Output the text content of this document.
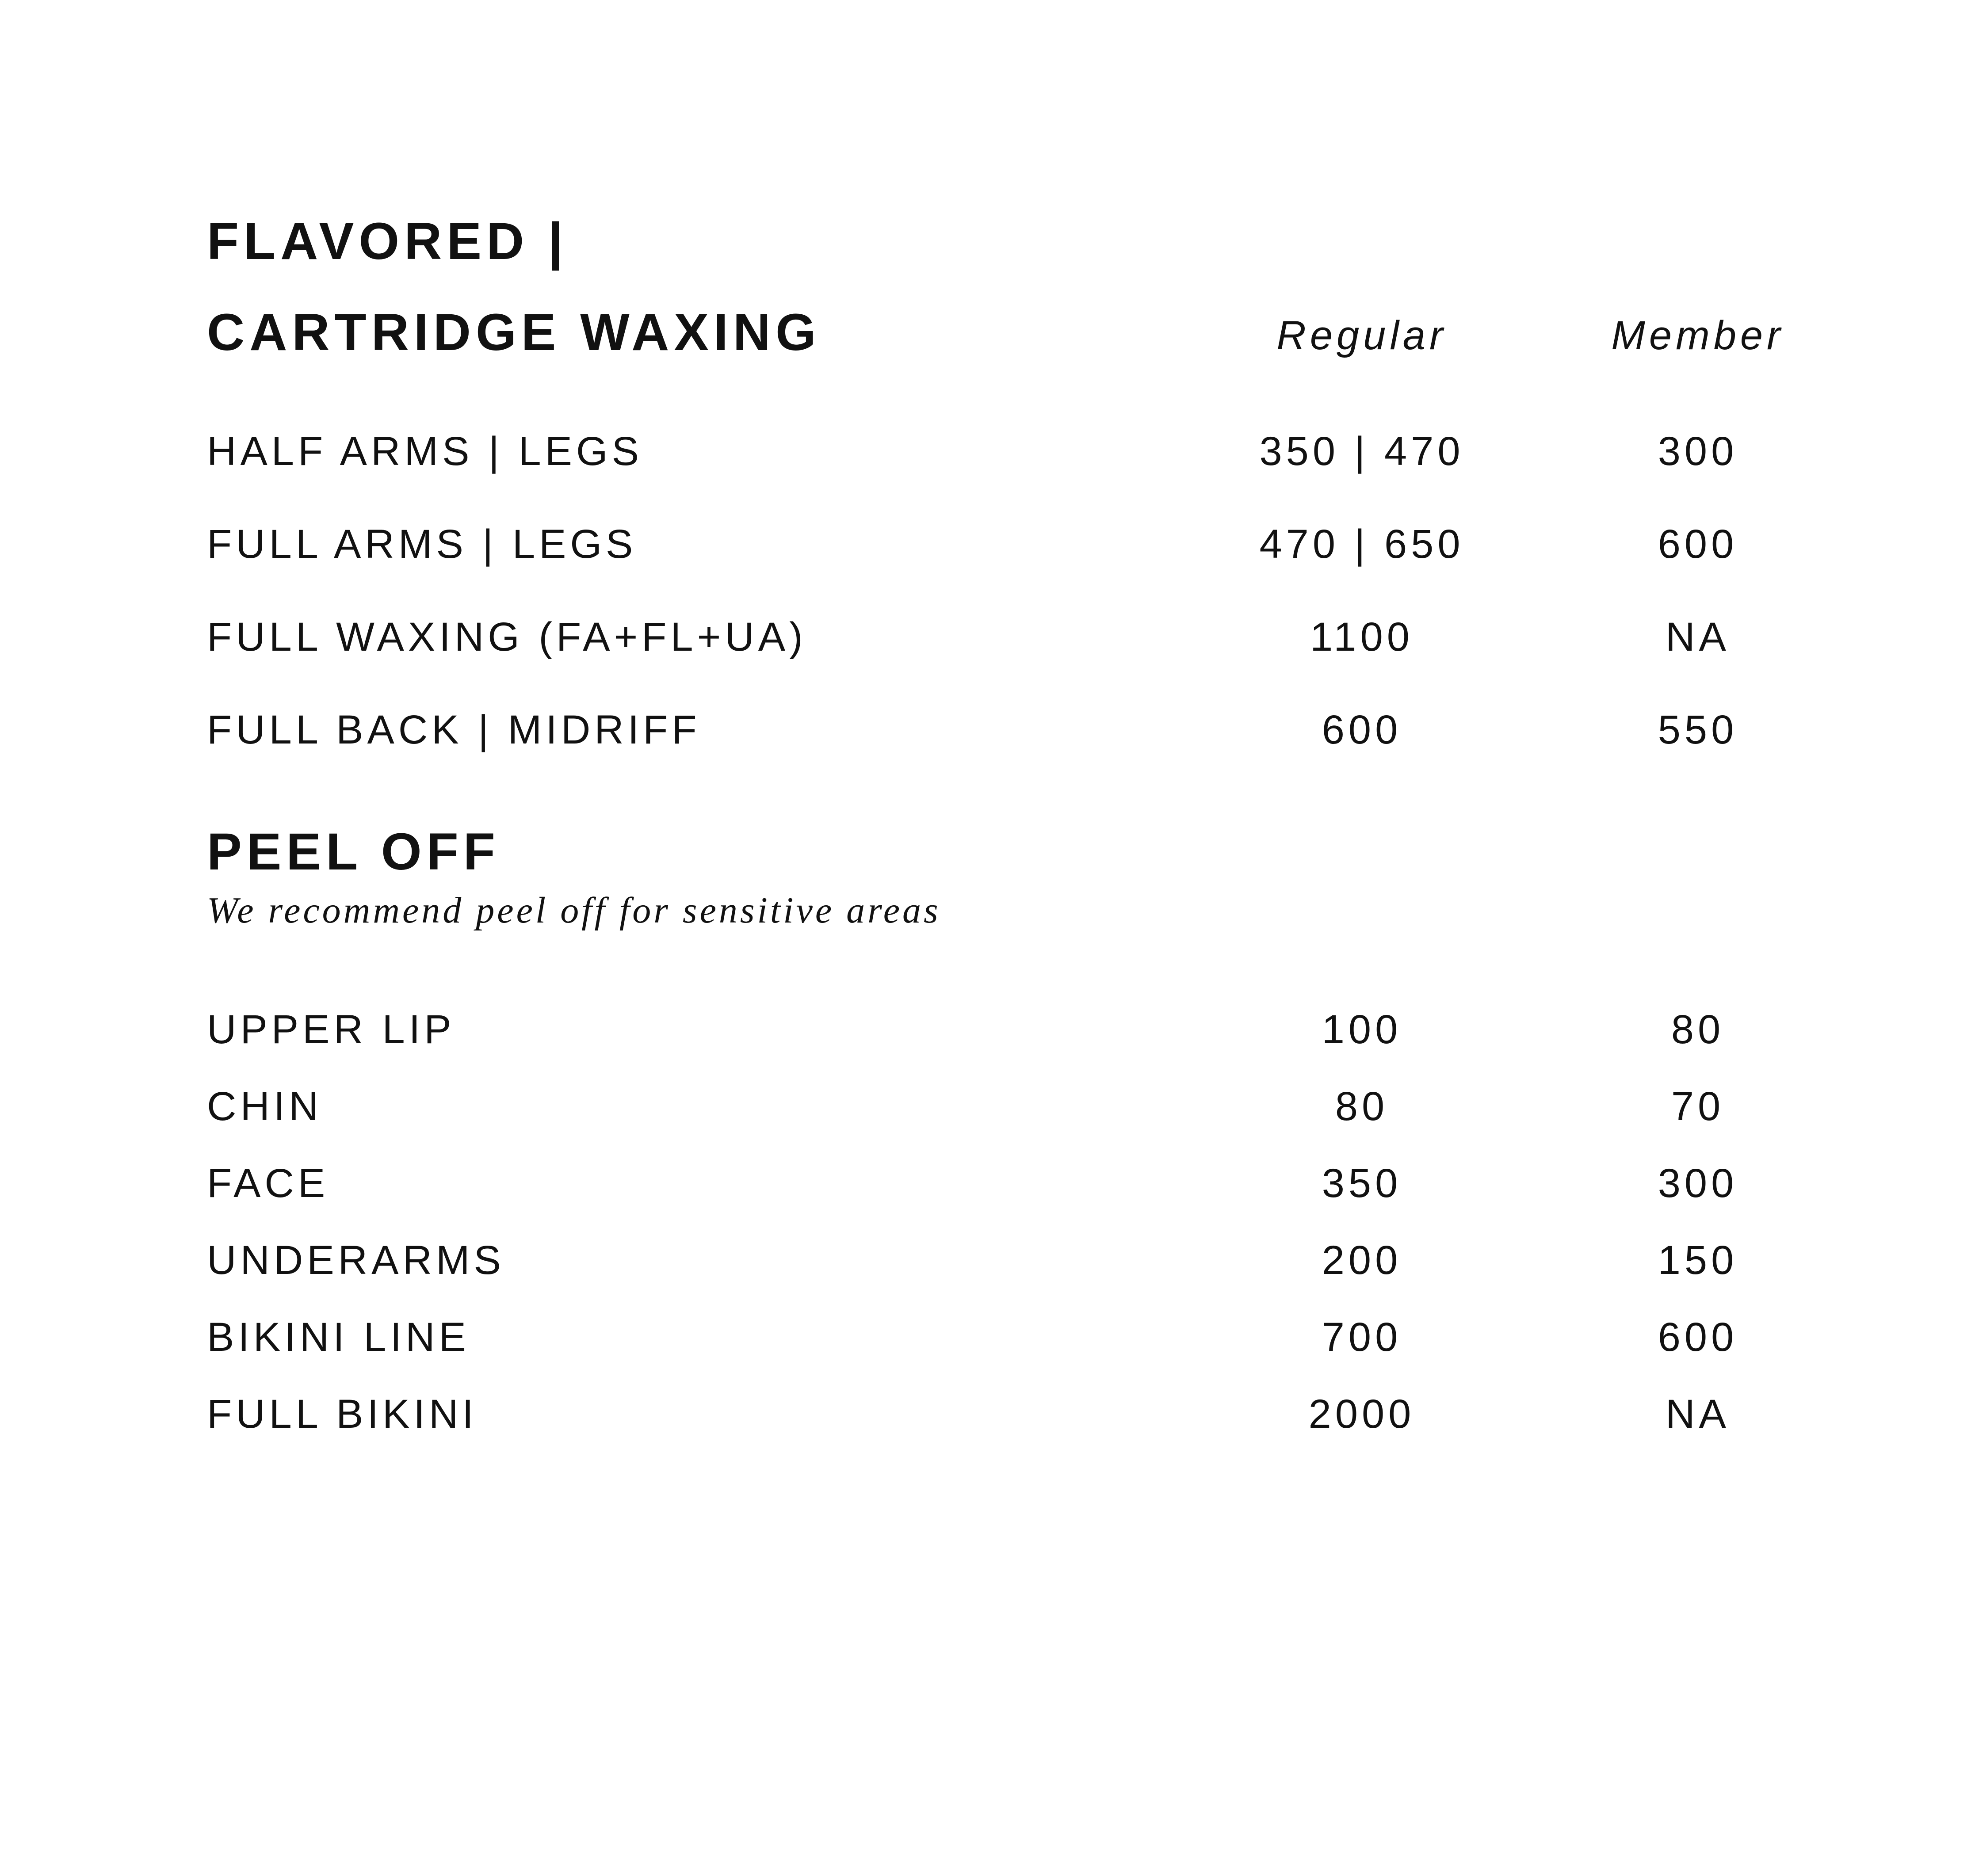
FLAVORED |
CARTRIDGE WAXING	Regular	Member
HALF ARMS | LEGS	350 | 470	300
FULL ARMS | LEGS	470 | 650	600
FULL WAXING (FA+FL+UA)	1100	NA
FULL BACK | MIDRIFF	600	550
PEEL OFF
We recommend peel off for sensitive areas
UPPER LIP	100	80
CHIN	80	70
FACE	350	300
UNDERARMS	200	150
BIKINI LINE	700	600
FULL BIKINI	2000	NA
